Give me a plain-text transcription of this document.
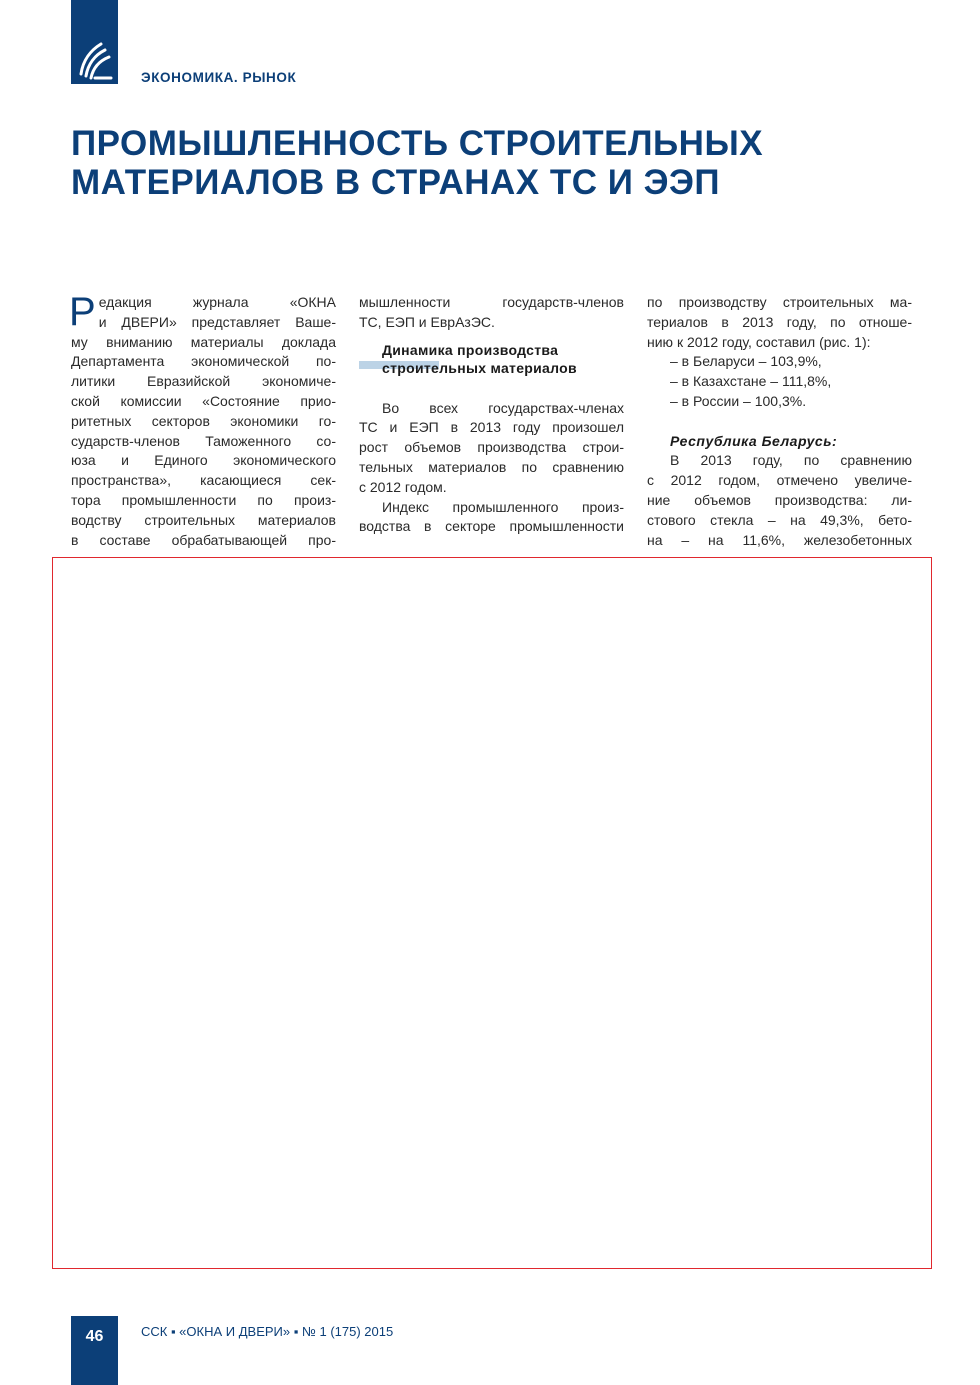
ЭКОНОМИКА. РЫНОК
ПРОМЫШЛЕННОСТЬ СТРОИТЕЛЬНЫХ
МАТЕРИАЛОВ В СТРАНАХ ТС И ЭЭП
Р едакция журнала «ОКНА
и ДВЕРИ» представляет Ваше-
му вниманию материалы доклада
Департамента экономической по-
литики Евразийской экономиче-
ской комиссии «Состояние прио-
ритетных секторов экономики го-
сударств-членов Таможенного со-
юза и Единого экономического
пространства», касающиеся сек-
тора промышленности по произ-
водству строительных материалов
в составе обрабатывающей про-
мышленности государств-членов
ТС, ЕЭП и ЕврАзЭС.
Динамика производства
строительных материалов
Во всех государствах-членах
ТС и ЕЭП в 2013 году произошел
рост объемов производства строи-
тельных материалов по сравнению
с 2012 годом.
Индекс промышленного произ-
водства в секторе промышленности
по производству строительных ма-
териалов в 2013 году, по отноше-
нию к 2012 году, составил (рис. 1):
– в Беларуси – 103,9%,
– в Казахстане – 111,8%,
– в России – 100,3%.
Республика Беларусь:
В 2013 году, по сравнению
с 2012 годом, отмечено увеличе-
ние объемов производства: ли-
стового стекла – на 49,3%, бето-
на – на 11,6%, железобетонных
46	ССК ▪ «ОКНА И ДВЕРИ» ▪ № 1 (175) 2015
